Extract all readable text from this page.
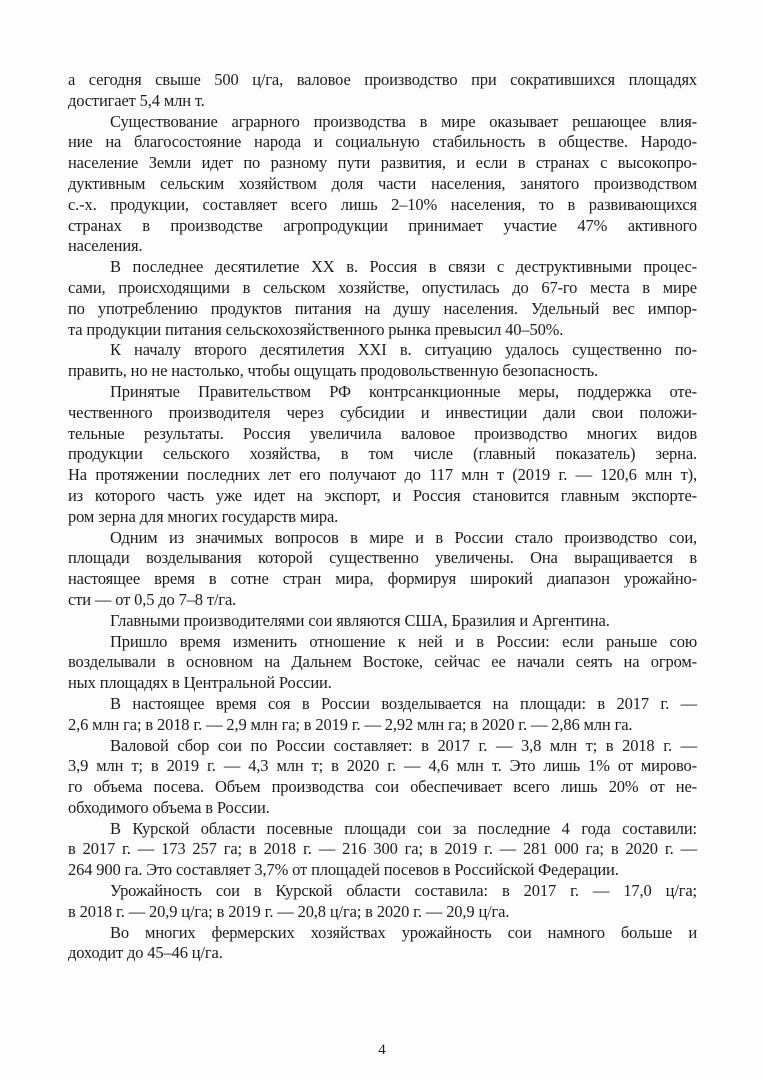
а сегодня свыше 500 ц/га, валовое производство при сократившихся площадях
достигает 5,4 млн т.
Существование аграрного производства в мире оказывает решающее влия-
ние на благосостояние народа и социальную стабильность в обществе. Народо-
население Земли идет по разному пути развития, и если в странах с высокопро-
дуктивным сельским хозяйством доля части населения, занятого производством
с.-х. продукции, составляет всего лишь 2–10% населения, то в развивающихся
странах в производстве агропродукции принимает участие 47% активного
населения.
В последнее десятилетие XX в. Россия в связи с деструктивными процес-
сами, происходящими в сельском хозяйстве, опустилась до 67-го места в мире
по употреблению продуктов питания на душу населения. Удельный вес импор-
та продукции питания сельскохозяйственного рынка превысил 40–50%.
К началу второго десятилетия XXI в. ситуацию удалось существенно по-
править, но не настолько, чтобы ощущать продовольственную безопасность.
Принятые Правительством РФ контрсанкционные меры, поддержка оте-
чественного производителя через субсидии и инвестиции дали свои положи-
тельные результаты. Россия увеличила валовое производство многих видов
продукции сельского хозяйства, в том числе (главный показатель) зерна.
На протяжении последних лет его получают до 117 млн т (2019 г. — 120,6 млн т),
из которого часть уже идет на экспорт, и Россия становится главным экспорте-
ром зерна для многих государств мира.
Одним из значимых вопросов в мире и в России стало производство сои,
площади возделывания которой существенно увеличены. Она выращивается в
настоящее время в сотне стран мира, формируя широкий диапазон урожайно-
сти — от 0,5 до 7–8 т/га.
Главными производителями сои являются США, Бразилия и Аргентина.
Пришло время изменить отношение к ней и в России: если раньше сою
возделывали в основном на Дальнем Востоке, сейчас ее начали сеять на огром-
ных площадях в Центральной России.
В настоящее время соя в России возделывается на площади: в 2017 г. —
2,6 млн га; в 2018 г. — 2,9 млн га; в 2019 г. — 2,92 млн га; в 2020 г. — 2,86 млн га.
Валовой сбор сои по России составляет: в 2017 г. — 3,8 млн т; в 2018 г. —
3,9 млн т; в 2019 г. — 4,3 млн т; в 2020 г. — 4,6 млн т. Это лишь 1% от мирово-
го объема посева. Объем производства сои обеспечивает всего лишь 20% от не-
обходимого объема в России.
В Курской области посевные площади сои за последние 4 года составили:
в 2017 г. — 173 257 га; в 2018 г. — 216 300 га; в 2019 г. — 281 000 га; в 2020 г. —
264 900 га. Это составляет 3,7% от площадей посевов в Российской Федерации.
Урожайность сои в Курской области составила: в 2017 г. — 17,0 ц/га;
в 2018 г. — 20,9 ц/га; в 2019 г. — 20,8 ц/га; в 2020 г. — 20,9 ц/га.
Во многих фермерских хозяйствах урожайность сои намного больше и
доходит до 45–46 ц/га.
4
